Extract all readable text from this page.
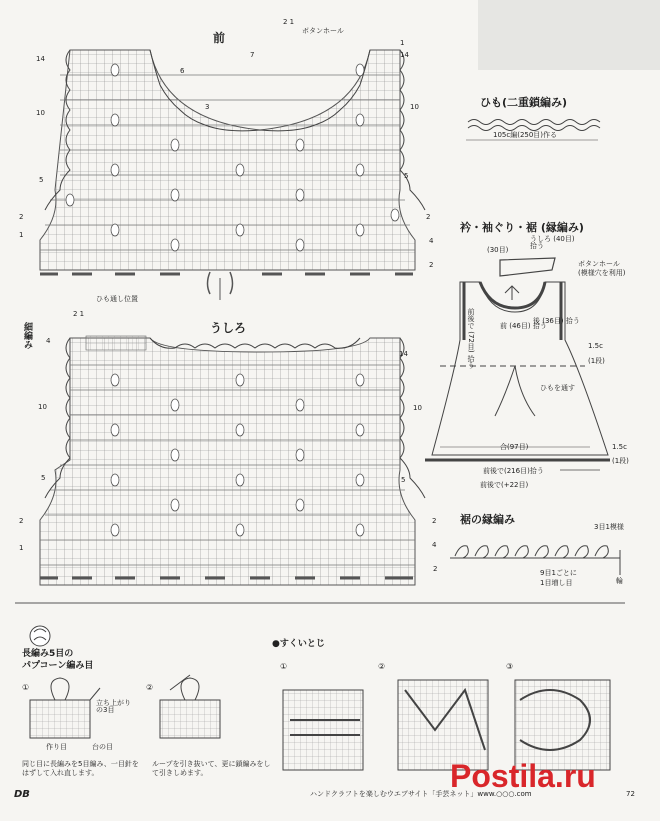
前	ボタンホール
2 1
7
6
3
14
10
5
2
1
1
14
10
5
2
4
2
ひも通し位置
うしろ
細編み
2 1
4
10
5
2
1
14
10
5
2
4
2
ひも(二重鎖編み)
105c編(250目)作る
衿・袖ぐり・裾 (縁編み)
(30目)
うしろ (40目) 拾う
ボタンホール
(模様穴を利用)
前後で (72目) 拾う	前 (46目) 拾う
後 (36目) 拾う
1.5c
(1段)
ひもを通す
合(97目)
前後で(216目)拾う
前後で(+22目)
1.5c
(1段)
裾の縁編み
3目1模様
9目1ごとに
1目増し目	輪
長編み5目の
パプコーン編み目
①	②
立ち上がりの3目
作り目	台の目
同じ目に長編みを5目編み、一目針をはずして入れ直します。
ループを引き抜いて、更に鎖編みをして引きしめます。
●すくいとじ
①	②	③
DB	ハンドクラフトを楽しむウエブサイト「手芸ネット」www.○○○.com	72
Postila.ru
